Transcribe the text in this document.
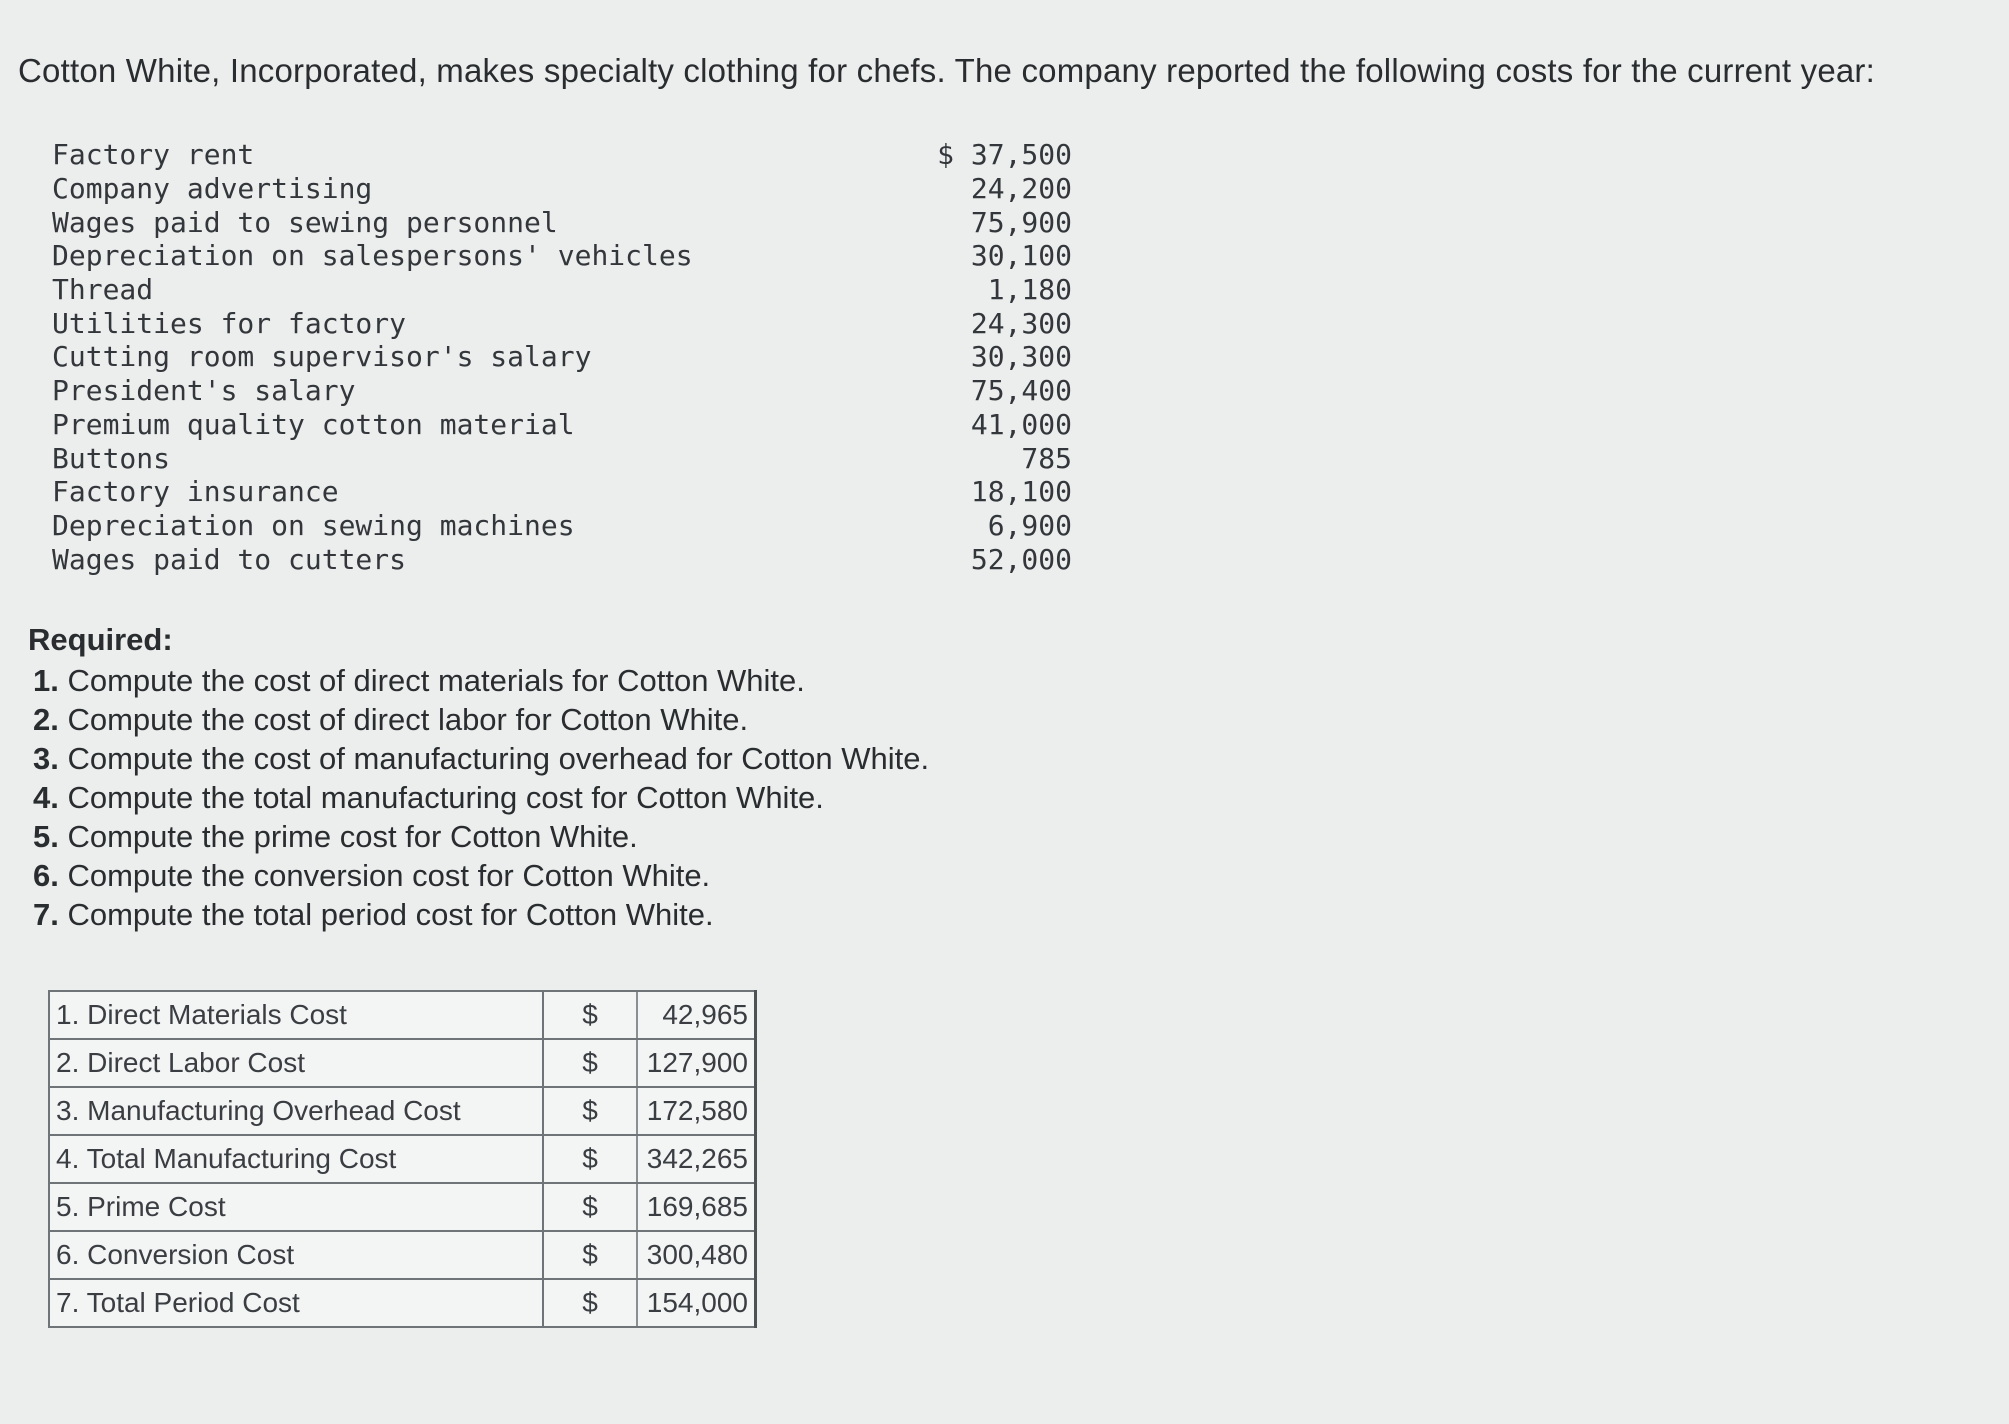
Cotton White, Incorporated, makes specialty clothing for chefs. The company reported the following costs for the current year:
Factory rent	$ 37,500
Company advertising	24,200
Wages paid to sewing personnel	75,900
Depreciation on salespersons' vehicles	30,100
Thread	1,180
Utilities for factory	24,300
Cutting room supervisor's salary	30,300
President's salary	75,400
Premium quality cotton material	41,000
Buttons	785
Factory insurance	18,100
Depreciation on sewing machines	6,900
Wages paid to cutters	52,000
Required:
1. Compute the cost of direct materials for Cotton White.
2. Compute the cost of direct labor for Cotton White.
3. Compute the cost of manufacturing overhead for Cotton White.
4. Compute the total manufacturing cost for Cotton White.
5. Compute the prime cost for Cotton White.
6. Compute the conversion cost for Cotton White.
7. Compute the total period cost for Cotton White.
1. Direct Materials Cost	$	42,965
2. Direct Labor Cost	$	127,900
3. Manufacturing Overhead Cost	$	172,580
4. Total Manufacturing Cost	$	342,265
5. Prime Cost	$	169,685
6. Conversion Cost	$	300,480
7. Total Period Cost	$	154,000
